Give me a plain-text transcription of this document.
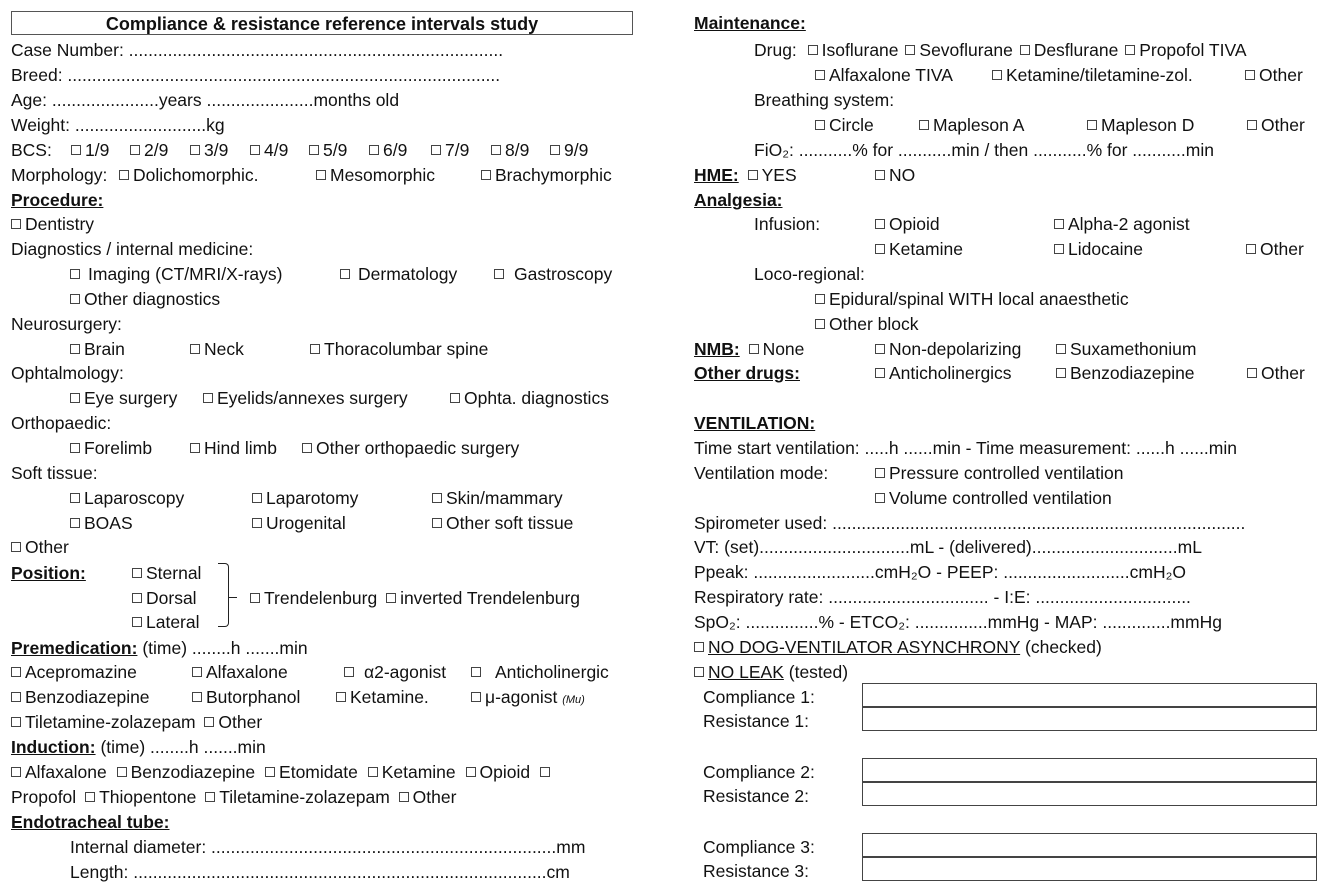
Compliance & resistance reference intervals study
Case Number: .............................................................................
Breed: .........................................................................................
Age: ......................years ......................months old
Weight: ...........................kg
BCS:	1/9	2/9	3/9	4/9	5/9	6/9	7/9	8/9	9/9
Morphology:	Dolichomorphic.	Mesomorphic	Brachymorphic
Procedure:
Dentistry
Diagnostics / internal medicine:
Imaging (CT/MRI/X-rays)	Dermatology	Gastroscopy
Other diagnostics
Neurosurgery:
Brain	Neck	Thoracolumbar spine
Ophtalmology:
Eye surgery	Eyelids/annexes surgery	Ophta. diagnostics
Orthopaedic:
Forelimb	Hind limb	Other orthopaedic surgery
Soft tissue:
Laparoscopy	Laparotomy	Skin/mammary
BOAS	Urogenital	Other soft tissue
Other
Position:	Sternal
Dorsal
Lateral
Trendelenburg inverted Trendelenburg
Premedication: (time) ........h .......min
Acepromazine	Alfaxalone	α2-agonist	Anticholinergic
Benzodiazepine	Butorphanol	Ketamine.	μ-agonist (Mu)
Tiletamine-zolazepam Other
Induction: (time) ........h .......min
Alfaxalone Benzodiazepine Etomidate Ketamine Opioid
Propofol Thiopentone Tiletamine-zolazepam Other
Endotracheal tube:
Internal diameter: .......................................................................mm
Length: .....................................................................................cm
Maintenance:
Drug: Isoflurane Sevoflurane Desflurane Propofol TIVA
Alfaxalone TIVA	Ketamine/tiletamine-zol.	Other
Breathing system:
Circle	Mapleson A	Mapleson D	Other
FiO₂: ...........% for ...........min / then ...........% for ...........min
HME: YES	NO
Analgesia:
Infusion:	Opioid	Alpha-2 agonist
Ketamine	Lidocaine	Other
Loco-regional:
Epidural/spinal WITH local anaesthetic
Other block
NMB: None	Non-depolarizing	Suxamethonium
Other drugs:	Anticholinergics	Benzodiazepine	Other
VENTILATION:
Time start ventilation: .....h ......min - Time measurement: ......h ......min
Ventilation mode:	Pressure controlled ventilation
Volume controlled ventilation
Spirometer used: .....................................................................................
VT: (set)...............................mL - (delivered)..............................mL
Ppeak: .........................cmH₂O - PEEP: ..........................cmH₂O
Respiratory rate: ................................. - I:E: ................................
SpO₂: ...............% - ETCO₂: ...............mmHg - MAP: ..............mmHg
NO DOG-VENTILATOR ASYNCHRONY (checked)
NO LEAK (tested)
Compliance 1:
Resistance 1:
Compliance 2:
Resistance 2:
Compliance 3:
Resistance 3:
